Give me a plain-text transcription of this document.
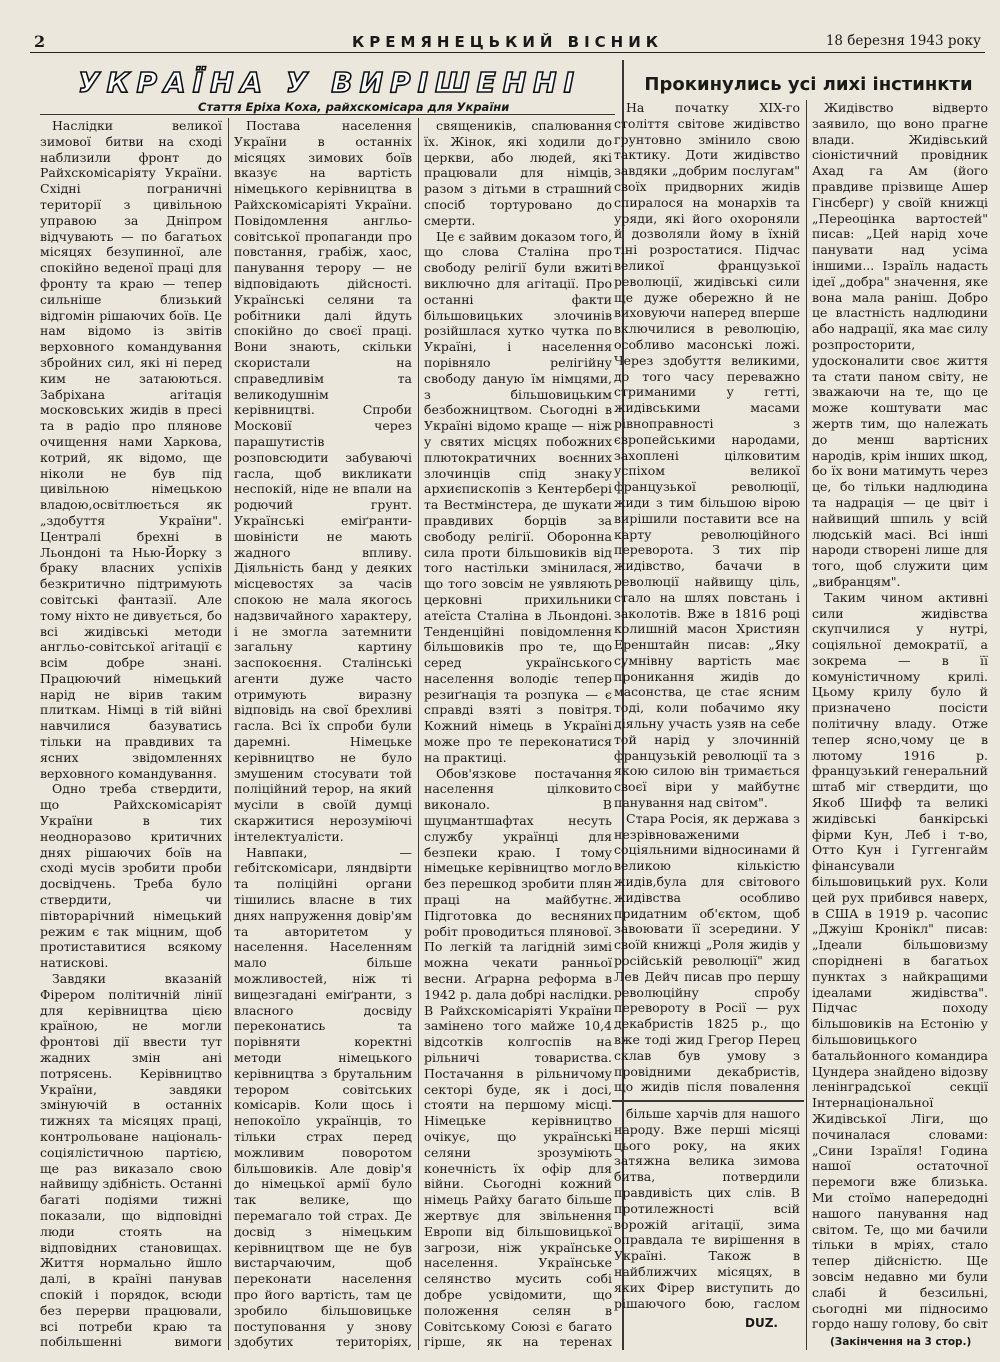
2	КРЕМЯНЕЦЬКИЙ ВІСНИК	18 березня 1943 року
УКРАЇНА У ВИРІШЕННІ
Стаття Еріха Коха, райхскомісара для України
Прокинулись усі лихі інстинкти

Наслідки великої зимової битви на сході наблизили фронт до Райхскомісаріяту України. Східні пограничні території з цивільною управою за Дніпром відчувають — по багатьох місяцях безупинної, але спокійно веденої праці для фронту та краю — тепер сильніше близький відгомін рішаючих боїв. Це нам відомо із звітів верховного командування збройних сил, які ні перед ким не затаюються. Забріхана агітація московських жидів в пресі та в радіо про плянове очищення нами Харкова, котрий, як відомо, ще ніколи не був під цивільною німецькою владою,освітлюється як „здобуття України". Централі брехні в Льондоні та Нью-Йорку з браку власних успіхів безкритично підтримують совітські фантазії. Але тому ніхто не дивується, бо всі жидівські методи англьо-совітської агітації є всім добре знані. Працюючий німецький нарід не вірив таким плиткам. Німці в тій війні навчилися базуватись тільки на правдивих та ясних звідомленнях верховного командування.

Одно треба ствердити, що Райхскомісаріят України в тих неодноразово критичних днях рішаючих боїв на сході мусів зробити проби досвідчень. Треба було ствердити, чи півторарічний німецький режим є так міцним, щоб протиставитися всякому натискові.

Завдяки вказаній Фірером політичній лінії для керівництва цією країною, не могли фронтові дії ввести тут жадних змін ані потрясень. Керівництво України, завдяки змінуючій в останніх тижнях та місяцях праці, контрольоване національ-соціялістичною партією, ще раз виказало свою найвищу здібність. Останні багаті подіями тижні показали, що відповідні люди стоять на відповідних становищах. Життя нормально йшло далі, в країні панував спокій і порядок, всюди без перерви працювали, всі потреби краю та побільшенні вимоги

Постава населення України в останніх місяцях зимових боїв вказує на вартість німецького керівництва в Райхскомісаріяті України. Повідомлення англьо-совітської пропаганди про повстання, грабіж, хаос, панування терору — не відповідають дійсності. Українські селяни та робітники далі йдуть спокійно до своєї праці. Вони знають, скільки скористали на справедливім та великодушнім керівництві. Спроби Московії через парашутистів розповсюдити забуваючі гасла, щоб викликати неспокій, ніде не впали на родючий грунт. Українські еміґранти-шовіністи не мають жадного впливу. Діяльність банд у деяких місцевостях за часів спокою не мала якогось надзвичайного характеру, і не змогла затемнити загальну картину заспокоєння. Сталінські агенти дуже часто отримують виразну відповідь на свої брехливі гасла. Всі їх спроби були даремні. Німецьке керівництво не було змушеним стосувати той поліційний терор, на який мусіли в своїй думці скаржитися нерозуміючі інтелектуалісти.

Навпаки, — гебітскомісари, ляндвірти та поліційні органи тішились власне в тих днях напруження довір'ям та авторитетом у населення. Населенням мало більше можливостей, ніж ті вищезгадані еміґранти, з власного досвіду переконатись та порівняти коректні методи німецького керівництва з брутальним терором совітських комісарів. Коли щось і непокоїло українців, то тільки страх перед можливим поворотом більшовиків. Але довір'я до німецької армії було так велике, що перемагало той страх. Де досвід з німецьким керівництвом ще не був вистарчаючим, щоб переконати населення про його вартість, там це зробило більшовицьке поступовання у знову здобутих територіях,

священиків, спалювання їх. Жінок, які ходили до церкви, або людей, які працювали для німців, разом з дітьми в страшний спосіб тортуровано до смерти.

Це є зайвим доказом того, що слова Сталіна про свободу релігії були вжиті виключно для агітації. Про останні факти більшовицьких злочинів розійшлася хутко чутка по Україні, і населення порівняло релігійну свободу даную їм німцями, з більшовицьким безбожництвом. Сьогодні в Україні відомо краще — ніж у святих місцях побожних плютократичних воєнних злочинців спід знаку архиєпископів з Кентербері та Вестмінстера, де шукати правдивих борців за свободу релігії. Оборонна сила проти більшовиків від того настільки змінилася, що того зовсім не уявляють церковні прихильники атеїста Сталіна в Льондоні. Тенденційні повідомлення більшовиків про те, що серед українського населення володіє тепер резиґнація та розпука — є справді взяті з повітря. Кожний німець в Україні може про те переконатися на практиці.

Обов'язкове постачання населення цілковито виконало. В шуцмантшафтах несуть службу українці для безпеки краю. І тому німецьке керівництво могло без перешкод зробити плян праці на майбутнє. Підготовка до весняних робіт проводиться плянової. По легкій та лагідній зимі можна чекати ранньої весни. Аґрарна реформа в 1942 р. дала добрі наслідки. В Райхскомісаріяті України замінено того майже 10,4 відсотків колгоспів на рільничі товариства. Постачання в рільничому секторі буде, як і досі, стояти на першому місці. Німецьке керівництво очікує, що українські селяни зрозуміють конечність їх офір для війни. Сьогодні кожний німець Райху багато більше жертвує для звільнення Европи від більшовицької загрози, ніж українське населення. Українське селянство мусить собі добре усвідомити, що положення селян в Совітському Союзі є багато гірше, як на теренах

На початку XIX-го століття світове жидівство грунтовно змінило свою тактику. Доти жидівство завдяки „добрим послугам" своїх придворних жидів спиралося на монархів та уряди, які його охороняли й дозволяли йому в їхній тіні розростатися. Підчас великої французької революції, жидівські сили ще дуже обережно й не виховуючи наперед вперше включилися в революцію, особливо масонські ложі. Через здобуття великими, до того часу переважно стриманими у гетті, жидівськими масами рівноправності з європейськими народами, захоплені цілковитим успіхом великої французької революції, жиди з тим більшою вірою вирішили поставити все на карту революційного переворота. З тих пір жидівство, бачачи в революції найвищу ціль, стало на шлях повстань і заколотів. Вже в 1816 році колишній масон Християн Еренштайн писав: „Яку сумнівну вартість має проникання жидів до масонства, це стає ясним тоді, коли побачимо яку діяльну участь узяв на себе той нарід у злочинній французькій революції та з якою силою він тримається своєї віри у майбутнє панування над світом".

Стара Росія, як держава з незрівноваженими соціяльними відносинами й великою кількістю жидів,була для світового жидівства особливо придатним об'єктом, щоб завоювати її зсередини. У своїй книжці „Роля жидів у російській революції" жид Лев Дейч писав про першу революційну спробу перевороту в Росії — рух декабристів 1825 р., що вже тоді жид Грегор Перец склав був умову з провідними декабристів, що жидів після повалення

більше харчів для нашого народу. Вже перші місяці цього року, на яких затяжна велика зимова битва, потвердили правдивість цих слів. В протилежності всій ворожій агітації, зима оправдала те вирішення в Україні. Також в найближчих місяцях, в яких Фірер виступить до рішаючого бою, гаслом

DUZ.

Жидівство відверто заявило, що воно прагне влади. Жидівський сіоністичний провідник Ахад га Ам (його правдиве прізвище Ашер Гінсберг) у своїй книжці „Переоцінка вартостей" писав: „Цей нарід хоче панувати над усіма іншими... Ізраїль надасть ідеї „добра" значення, яке вона мала раніш. Добро це властність надлюдини або надрації, яка має силу розпросторити, удосконалити своє життя та стати паном світу, не зважаючи на те, що це може коштувати мас жертв тим, що належать до менш вартісних народів, крім інших шкод, бо їх вони матимуть через це, бо тільки надлюдина та надрація — це цвіт і найвищий шпиль у всій людській масі. Всі інші народи створені лише для того, щоб служити цим „вибранцям".

Таким чином активні сили жидівства скупчилися у нутрі, соціяльної демократії, а зокрема — в її комуністичному крилі. Цьому крилу було й призначено посісти політичну владу. Отже тепер ясно,чому це в лютому 1916 р. французький генеральний штаб міг ствердити, що Якоб Шифф та великі жидівські банкірські фірми Кун, Леб і т-во, Отто Кун і Гуггенгайм фінансували більшовицький рух. Коли цей рух прибився наверх, в США в 1919 р. часопис „Джуіш Кронікл" писав: „Ідеали більшовизму споріднені в багатьох пунктах з найкращими ідеалами жидівства". Підчас походу більшовиків на Естонію у більшовицького батальйонного командира Цундера знайдено відозву ленінградської секції Інтернаціональної Жидівської Ліги, що починалася словами: „Сини Ізраїля! Година нашої остаточної перемоги вже близька. Ми стоїмо напередодні нашого панування над світом. Те, що ми бачили тільки в мріях, стало тепер дійсністю. Ще зовсім недавно ми були слабі й безсильні, сьогодні ми підносимо гордо нашу голову, бо світ

(Закінчення на 3 стор.)
